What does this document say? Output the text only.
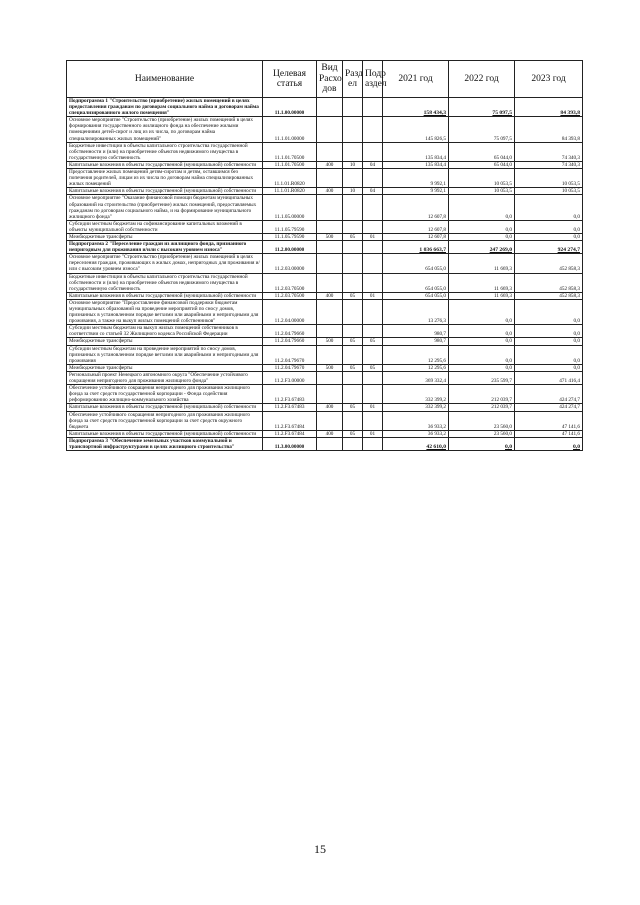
Наименование	Целевая статья	Вид Расхо дов	Разд ел	Подр аздел	2021 год	2022 год	2023 год
Подпрограмма 1 "Строительство (приобретение) жилых помещений в целях предоставления гражданам по договорам социального найма и договорам найма специализированного жилого помещения"	11.1.00.00000				158 434,3	75 097,5	84 393,8
Основное мероприятие "Строительство (приобретение) жилых помещений в целях формирования государственного жилищного фонда на обеспечение жилыми помещениями детей-сирот и лиц из их числа, по договорам найма специализированных жилых помещений"	11.1.01.00000				145 826,5	75 097,5	84 393,8
Бюджетные инвестиции в объекты капитального строительства государственной собственности и (или) на приобретение объектов недвижимого имущества в государственную собственность	11.1.01.70500				135 834,4	65 044,0	74 340,3
Капитальные вложения в объекты государственной (муниципальной) собственности	11.1.01.70500	400	10	04	135 834,4	65 044,0	74 340,3
Предоставление жилых помещений детям-сиротам и детям, оставшимся без попечения родителей, лицам из их числа по договорам найма специализированных жилых помещений	11.1.01.R0820				9 992,1	10 053,5	10 053,5
Капитальные вложения в объекты государственной (муниципальной) собственности	11.1.01.R0820	400	10	04	9 992,1	10 053,5	10 053,5
Основное мероприятие "Оказание финансовой помощи бюджетам муниципальных образований на строительство (приобретение) жилых помещений, предоставляемых гражданам по договорам социального найма, и на формирование муниципального жилищного фонда"	11.1.05.00000				12 607,8	0,0	0,0
Субсидии местным бюджетам на софинансирование капитальных вложений в объекты муниципальной собственности	11.1.05.79590				12 607,8	0,0	0,0
Межбюджетные трансферты	11.1.05.79590	500	05	01	12 607,8	0,0	0,0
Подпрограмма 2 "Переселение граждан из жилищного фонда, признанного непригодным для проживания и/или с высоким уровнем износа"	11.2.00.00000				1 036 663,7	247 269,0	924 274,7
Основное мероприятие "Строительство (приобретение) жилых помещений в целях переселения граждан, проживающих в жилых домах, непригодных для проживания и/или с высоким уровнем износа"	11.2.03.00000				654 055,0	11 669,3	452 858,3
Бюджетные инвестиции в объекты капитального строительства государственной собственности и (или) на приобретение объектов недвижимого имущества в государственную собственность	11.2.03.70500				654 055,0	11 669,3	452 858,3
Капитальные вложения в объекты государственной (муниципальной) собственности	11.2.03.70500	400	05	01	654 055,0	11 669,3	452 858,3
Основное мероприятие "Предоставление финансовой поддержки бюджетам муниципальных образований на проведение мероприятий по сносу домов, признанных в установленном порядке ветхими или аварийными и непригодными для проживания, а также на выкуп жилых помещений собственников"	11.2.04.00000				13 276,3	0,0	0,0
Субсидии местным бюджетам на выкуп жилых помещений собственников в соответствии со статьей 32 Жилищного кодекса Российской Федерации	11.2.04.79660				980,7	0,0	0,0
Межбюджетные трансферты	11.2.04.79660	500	05	05	980,7	0,0	0,0
Субсидии местным бюджетам на проведение мероприятий по сносу домов, признанных в установленном порядке ветхими или аварийными и непригодными для проживания	11.2.04.79670				12 295,6	0,0	0,0
Межбюджетные трансферты	11.2.04.79670	500	05	05	12 295,6	0,0	0,0
Региональный проект Ненецкого автономного округа "Обеспечение устойчивого сокращения непригодного для проживания жилищного фонда"	11.2.F3.00000				369 332,4	235 599,7	471 416,4
Обеспечение устойчивого сокращения непригодного для проживания жилищного фонда за счет средств государственной корпорации - Фонда содействия реформированию жилищно-коммунального хозяйства	11.2.F3.67483				332 399,2	212 039,7	424 274,7
Капитальные вложения в объекты государственной (муниципальной) собственности	11.2.F3.67483	400	05	01	332 399,2	212 039,7	424 274,7
Обеспечение устойчивого сокращения непригодного для проживания жилищного фонда за счет средств государственной корпорации за счет средств окружного бюджета	11.2.F3.67484				36 933,2	23 560,0	47 141,6
Капитальные вложения в объекты государственной (муниципальной) собственности	11.2.F3.67484	400	05	01	36 933,2	23 560,0	47 141,6
Подпрограмма 3 "Обеспечение земельных участков коммунальной и транспортной инфраструктурами в целях жилищного строительства"	11.3.00.00000				42 610,0	0,0	0,0
15
